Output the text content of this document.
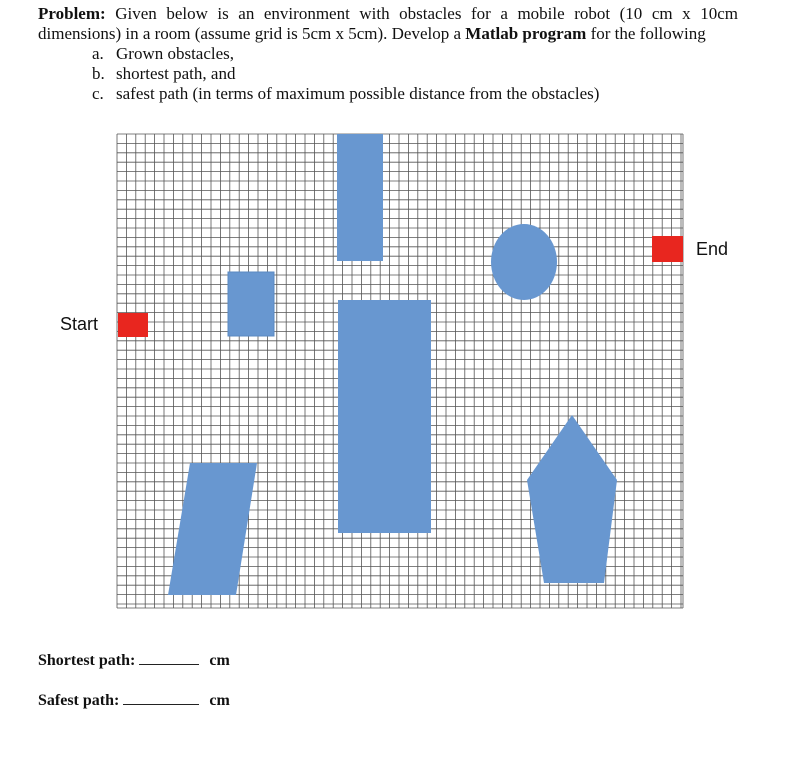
Problem: Given below is an environment with obstacles for a mobile robot (10 cm x 10cm dimensions) in a room (assume grid is 5cm x 5cm). Develop a Matlab program for the following

a. Grown obstacles,
b. shortest path, and
c. safest path (in terms of maximum possible distance from the obstacles)
Start
End
Shortest path:	cm
Safest path:	cm
